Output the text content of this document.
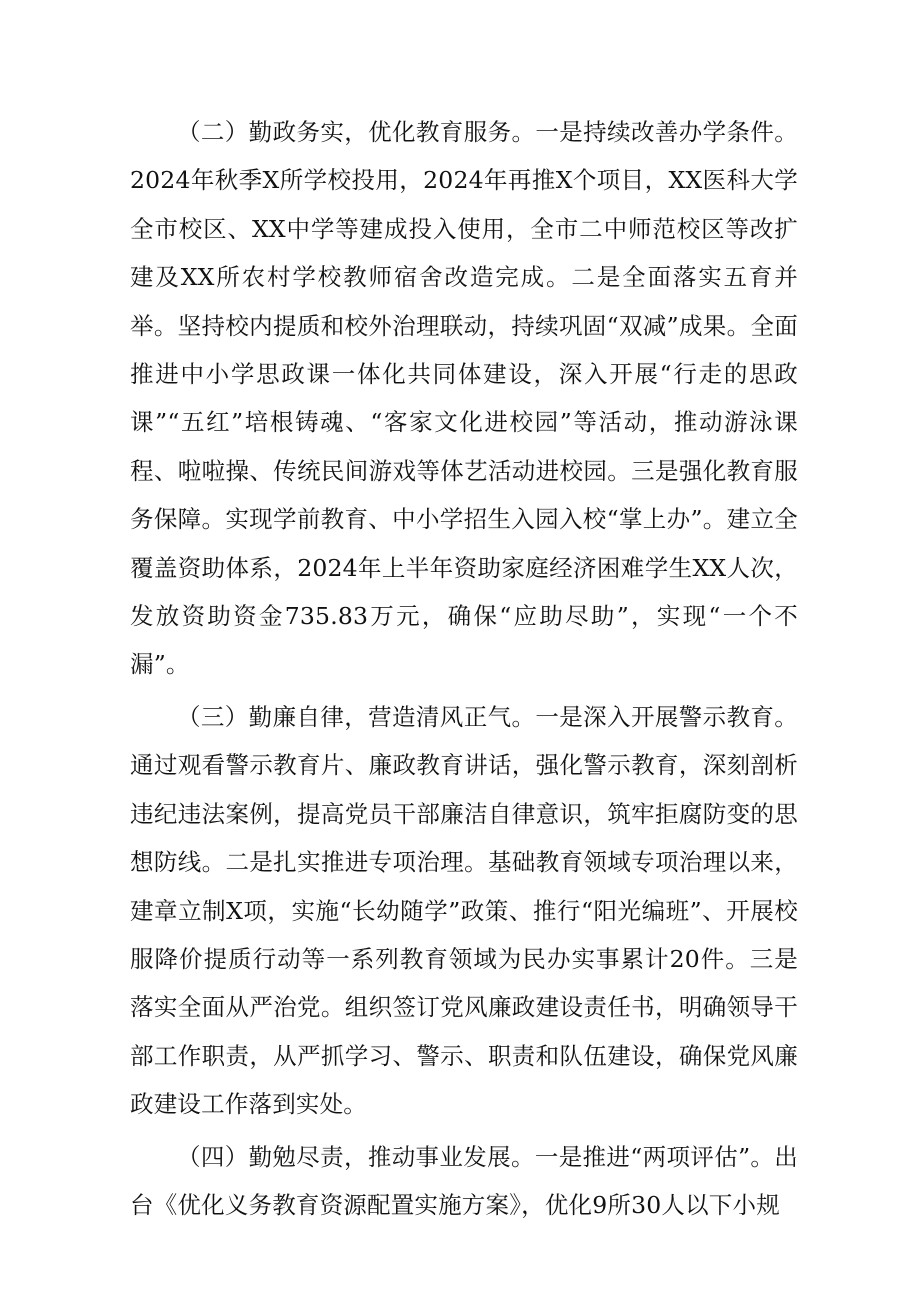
（二）勤政务实，优化教育服务。一是持续改善办学条件。2024年秋季X所学校投用，2024年再推X个项目，XX医科大学全市校区、XX中学等建成投入使用，全市二中师范校区等改扩建及XX所农村学校教师宿舍改造完成。二是全面落实五育并举。坚持校内提质和校外治理联动，持续巩固“双减”成果。全面推进中小学思政课一体化共同体建设，深入开展“行走的思政课”“五红”培根铸魂、“客家文化进校园”等活动，推动游泳课程、啦啦操、传统民间游戏等体艺活动进校园。三是强化教育服务保障。实现学前教育、中小学招生入园入校“掌上办”。建立全覆盖资助体系，2024年上半年资助家庭经济困难学生XX人次，发放资助资金735.83万元，确保“应助尽助”，实现“一个不漏”。

（三）勤廉自律，营造清风正气。一是深入开展警示教育。通过观看警示教育片、廉政教育讲话，强化警示教育，深刻剖析违纪违法案例，提高党员干部廉洁自律意识，筑牢拒腐防变的思想防线。二是扎实推进专项治理。基础教育领域专项治理以来，建章立制X项，实施“长幼随学”政策、推行“阳光编班”、开展校服降价提质行动等一系列教育领域为民办实事累计20件。三是落实全面从严治党。组织签订党风廉政建设责任书，明确领导干部工作职责，从严抓学习、警示、职责和队伍建设，确保党风廉政建设工作落到实处。

（四）勤勉尽责，推动事业发展。一是推进“两项评估”。出台《优化义务教育资源配置实施方案》，优化9所30人以下小规
